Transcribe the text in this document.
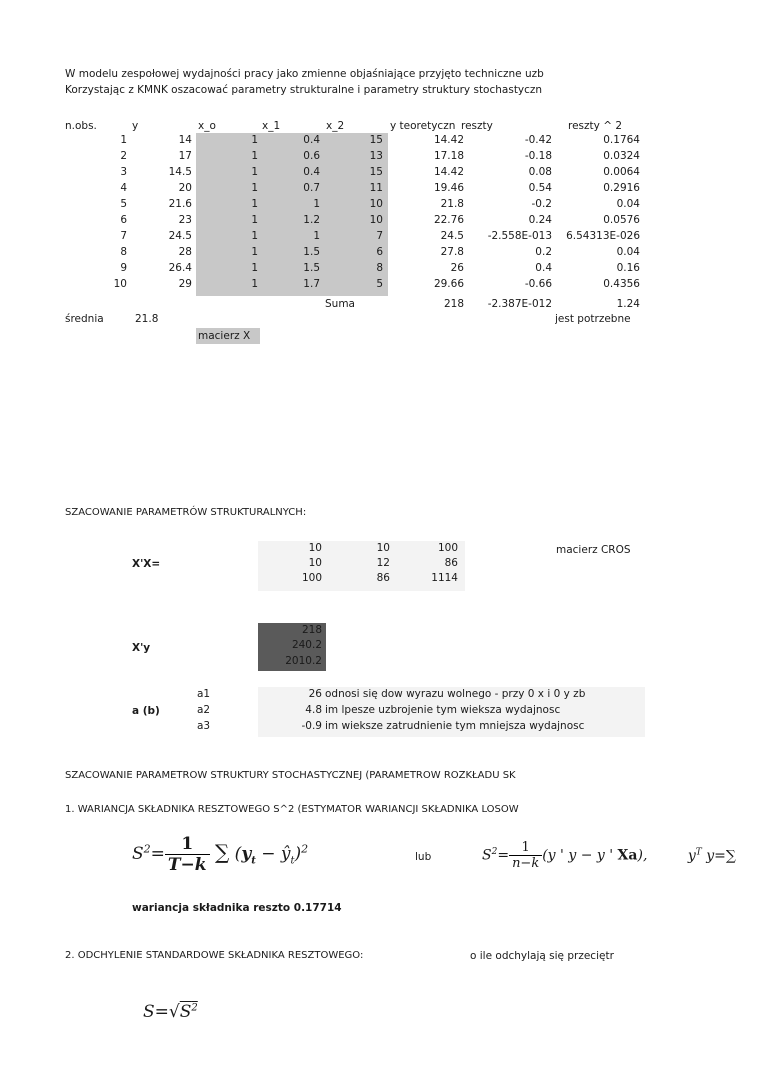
W modelu zespołowej wydajności pracy jako zmienne objaśniające przyjęto techniczne uzb
Korzystając z KMNK oszacować parametry strukturalne i parametry struktury stochastyczn
n.obs.	y	x_o	x_1	x_2	y teoretyczn reszty	reszty ^ 2
1	14	1	0.4	15	14.42	-0.42	0.1764
2	17	1	0.6	13	17.18	-0.18	0.0324
3	14.5	1	0.4	15	14.42	0.08	0.0064
4	20	1	0.7	11	19.46	0.54	0.2916
5	21.6	1	1	10	21.8	-0.2	0.04
6	23	1	1.2	10	22.76	0.24	0.0576
7	24.5	1	1	7	24.5	-2.558E-013	6.54313E-026
8	28	1	1.5	6	27.8	0.2	0.04
9	26.4	1	1.5	8	26	0.4	0.16
10	29	1	1.7	5	29.66	-0.66	0.4356
Suma	218	-2.387E-012	1.24
średnia	21.8	jest potrzebne
macierz X
SZACOWANIE PARAMETRÓW STRUKTURALNYCH:
X'X=
10	10	100
10	12	86
100	86	1114
macierz CROS
X'y
218
240.2
2010.2
a (b)
a1	26 odnosi się dow wyrazu wolnego - przy 0 x i 0 y zb
a2	4.8 im lpesze uzbrojenie tym wieksza wydajnosc
a3	-0.9 im wieksze zatrudnienie tym mniejsza wydajnosc
SZACOWANIE PARAMETRÓW STRUKTURY STOCHASTYCZNEJ (PARAMETRÓW ROZKŁADU SK
1. WARIANCJA SKŁADNIKA RESZTOWEGO S^2 (ESTYMATOR WARIANCJI SKŁADNIKA LOSOW
$S^2= \frac{1}{T-k}$ ∑ ($y_t$ − $ŷ_t)^2$
lub	$S^2= \frac{1}{n-k} (y$ ' y − y ' Xa),	$y^T$ y=∑
wariancja składnika reszto 0.17714
2. ODCHYLENIE STANDARDOWE SKŁADNIKA RESZTOWEGO:	o ile odchylają się przeciętr
$S=√S^2$
